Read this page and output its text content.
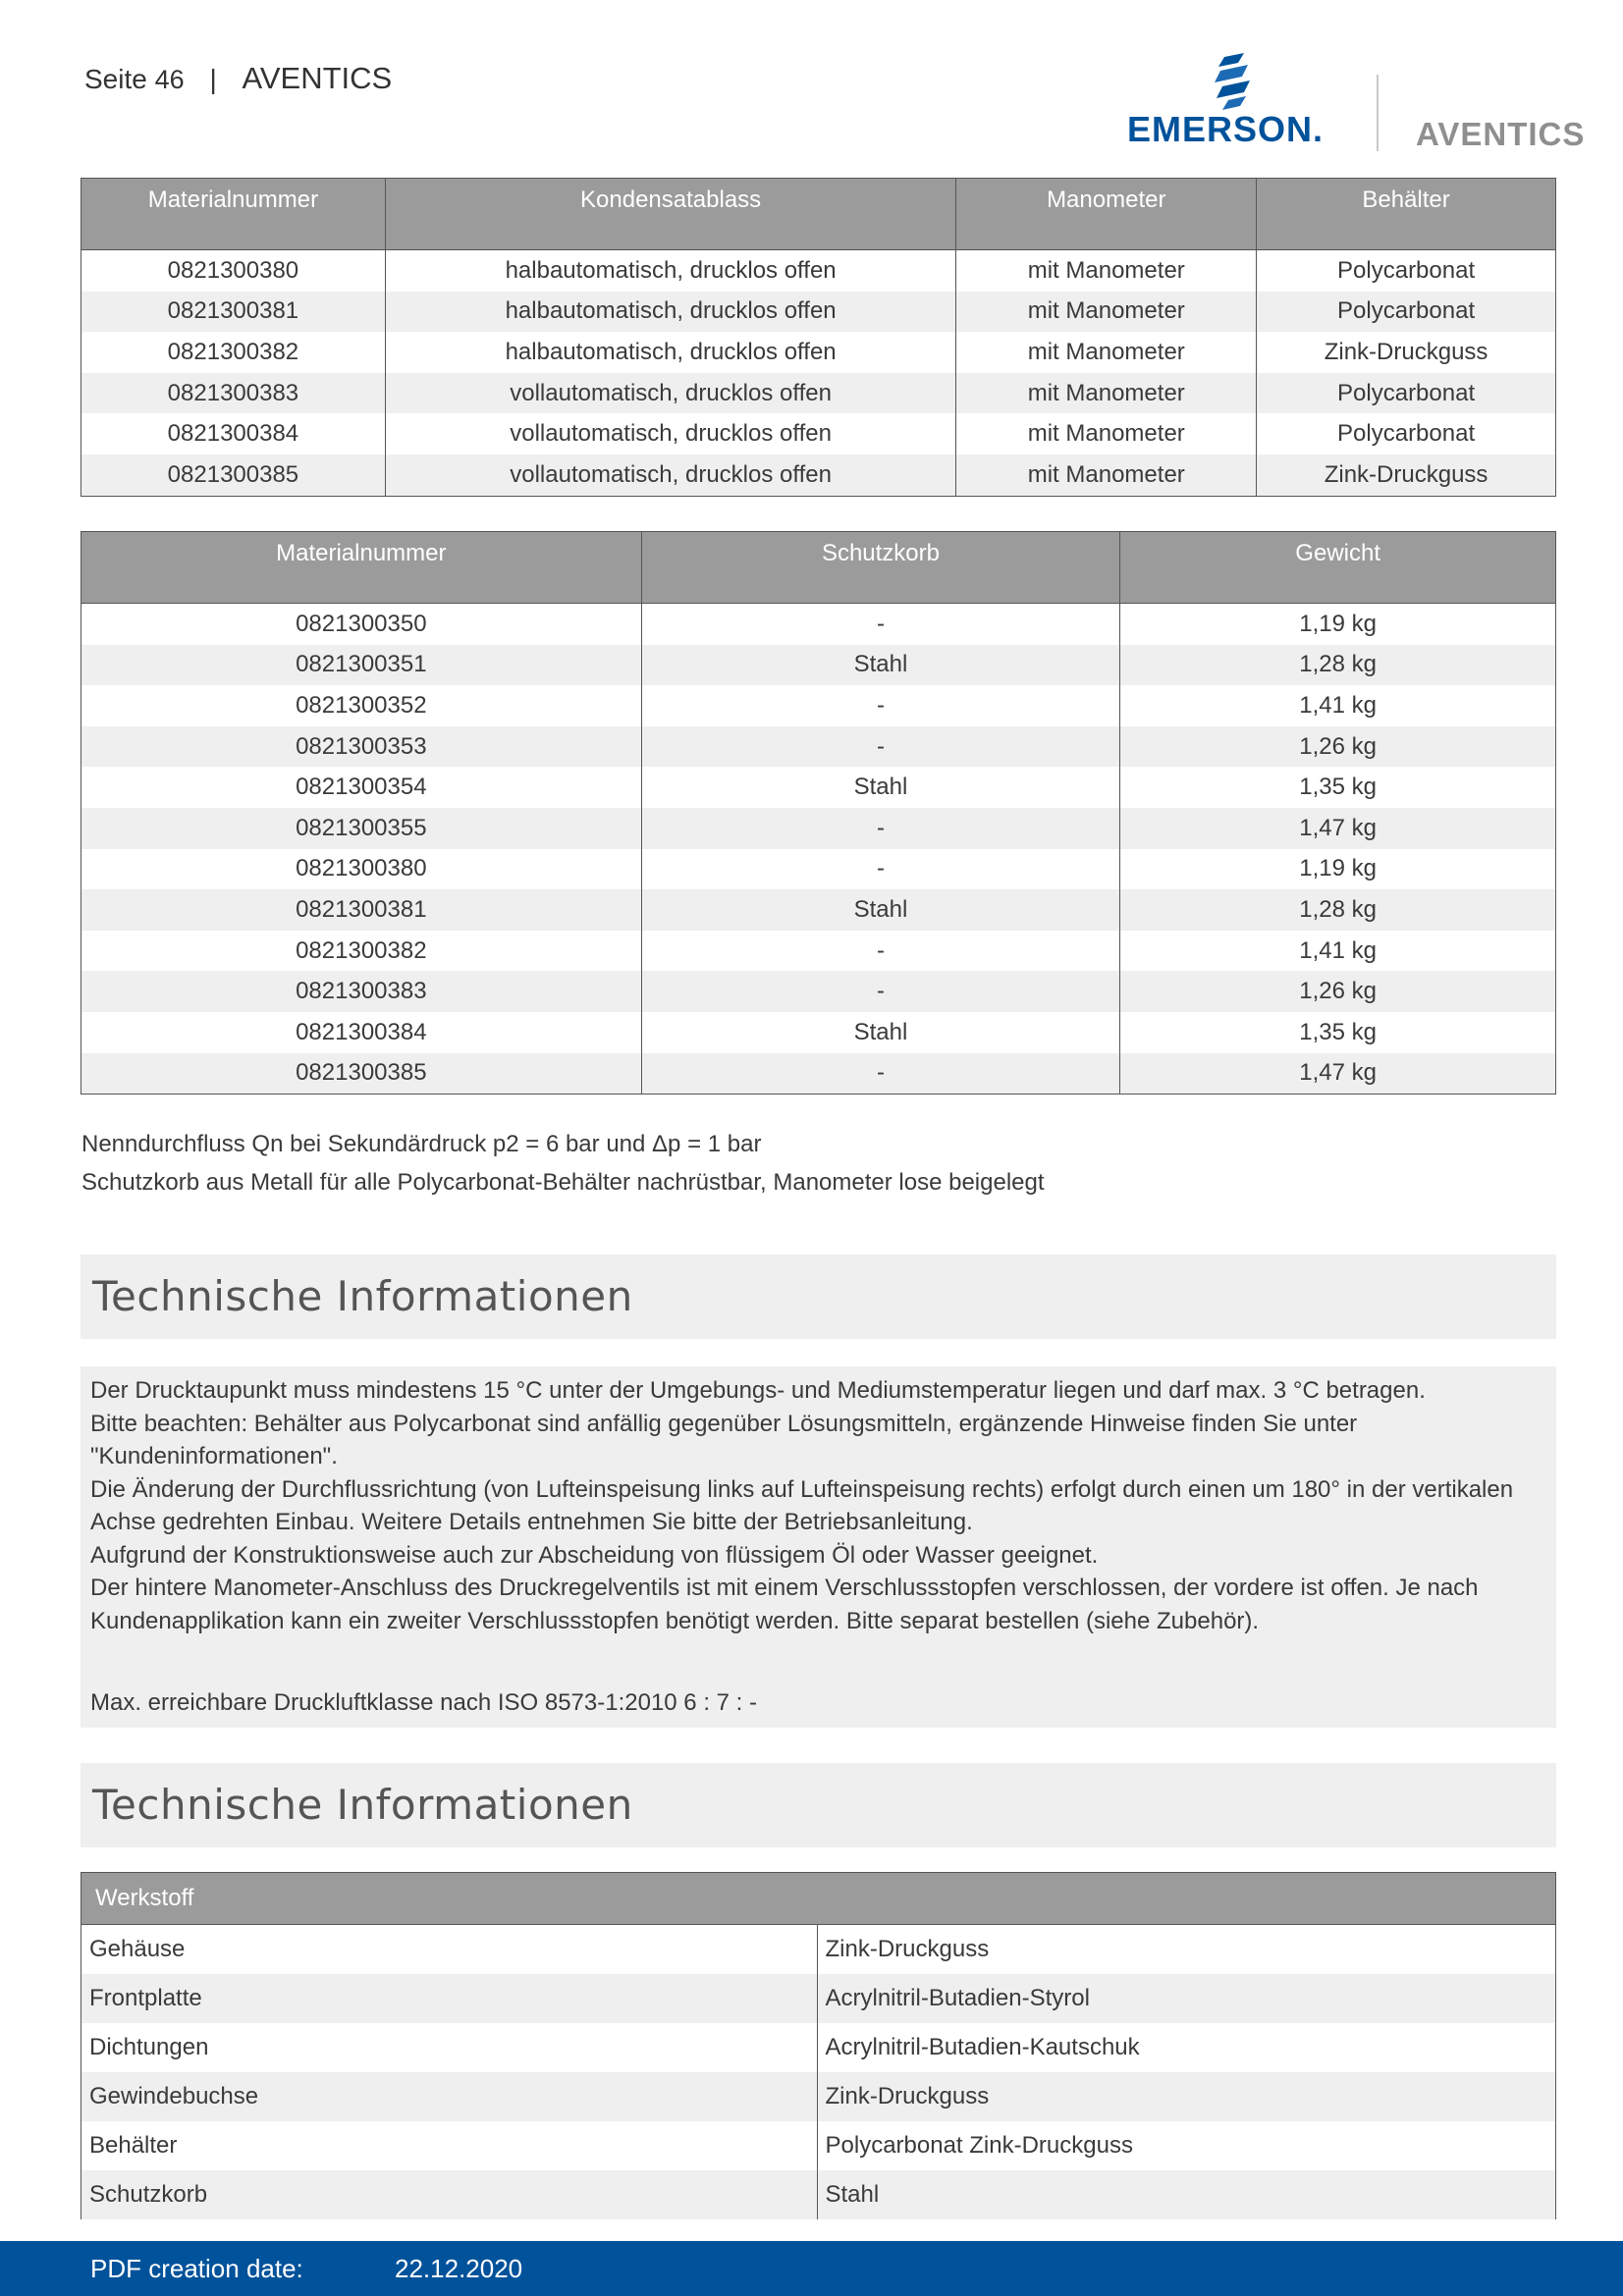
Seite 46 | AVENTICS
EMERSON.	AVENTICS
Materialnummer	Kondensatablass	Manometer	Behälter
0821300380	halbautomatisch, drucklos offen	mit Manometer	Polycarbonat
0821300381	halbautomatisch, drucklos offen	mit Manometer	Polycarbonat
0821300382	halbautomatisch, drucklos offen	mit Manometer	Zink-Druckguss
0821300383	vollautomatisch, drucklos offen	mit Manometer	Polycarbonat
0821300384	vollautomatisch, drucklos offen	mit Manometer	Polycarbonat
0821300385	vollautomatisch, drucklos offen	mit Manometer	Zink-Druckguss
Materialnummer	Schutzkorb	Gewicht
0821300350	-	1,19 kg
0821300351	Stahl	1,28 kg
0821300352	-	1,41 kg
0821300353	-	1,26 kg
0821300354	Stahl	1,35 kg
0821300355	-	1,47 kg
0821300380	-	1,19 kg
0821300381	Stahl	1,28 kg
0821300382	-	1,41 kg
0821300383	-	1,26 kg
0821300384	Stahl	1,35 kg
0821300385	-	1,47 kg
Nenndurchfluss Qn bei Sekundärdruck p2 = 6 bar und Δp = 1 bar
Schutzkorb aus Metall für alle Polycarbonat-Behälter nachrüstbar, Manometer lose beigelegt
Technische Informationen

Der Drucktaupunkt muss mindestens 15 °C unter der Umgebungs- und Mediumstemperatur liegen und darf max. 3 °C betragen.

Bitte beachten: Behälter aus Polycarbonat sind anfällig gegenüber Lösungsmitteln, ergänzende Hinweise finden Sie unter "Kundeninformationen".

Die Änderung der Durchflussrichtung (von Lufteinspeisung links auf Lufteinspeisung rechts) erfolgt durch einen um 180° in der vertikalen Achse gedrehten Einbau. Weitere Details entnehmen Sie bitte der Betriebsanleitung.

Aufgrund der Konstruktionsweise auch zur Abscheidung von flüssigem Öl oder Wasser geeignet.

Der hintere Manometer-Anschluss des Druckregelventils ist mit einem Verschlussstopfen verschlossen, der vordere ist offen. Je nach Kundenapplikation kann ein zweiter Verschlussstopfen benötigt werden. Bitte separat bestellen (siehe Zubehör).

Max. erreichbare Druckluftklasse nach ISO 8573-1:2010 6 : 7 : -

Technische Informationen
Werkstoff	
Gehäuse	Zink-Druckguss
Frontplatte	Acrylnitril-Butadien-Styrol
Dichtungen	Acrylnitril-Butadien-Kautschuk
Gewindebuchse	Zink-Druckguss
Behälter	Polycarbonat Zink-Druckguss
Schutzkorb	Stahl
PDF creation date:	22.12.2020
